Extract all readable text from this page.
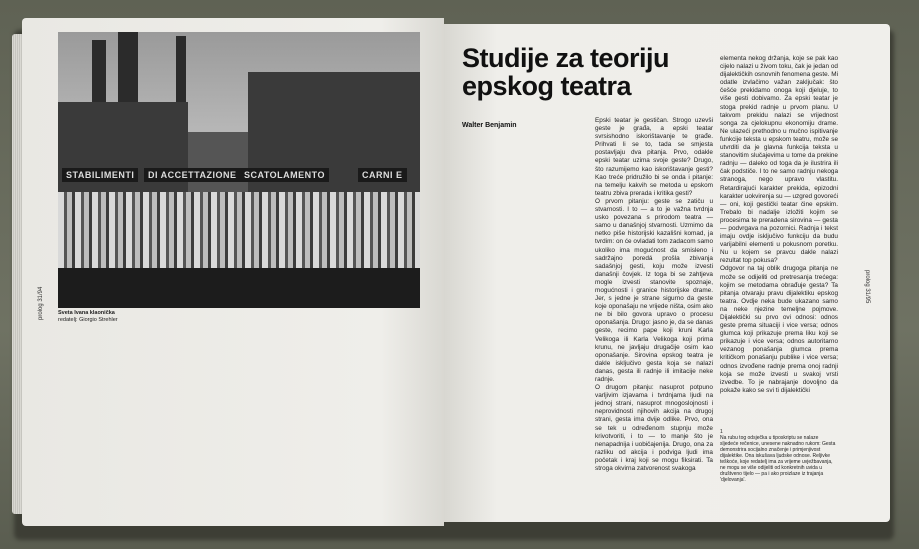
STABILIMENTI	DI ACCETTAZIONE SCATOLAMENTO	CARNI E
Sveta Ivana klaonička
redatelj: Giorgio Strehler
prolog 31/94
Studije za teoriju
epskog teatra
Walter Benjamin
Epski teatar je gestičan. Strogo uzevši geste je građa, a epski teatar svrsishodno iskorištavanje te građe. Prihvati li se to, tada se smjesta postavljaju dva pitanja. Prvo, odakle epski teatar uzima svoje geste? Drugo, što razumijemo kao iskorištavanje gesti? Kao treće pridružilo bi se onda i pitanje: na temelju kakvih se metoda u epskom teatru zbiva prerada i kritika gesti?
O prvom pitanju: geste se zatiču u stvarnosti. I to — a to je važna tvrdnja usko povezana s prirodom teatra — samo u današnjoj stvarnosti. Uzmimo da netko piše historijski kazališni komad, ja tvrdim: on će ovladati tom zadacom samo ukoliko ima mogućnost da smisleno i sadržajno poredá prošla zbivanja sadašnjoj gesti, koju može izvesti današnji čovjek. Iz toga bi se zahtjeva mogle izvesti stanovite spoznaje, mogućnosti i granice historijske drame. Jer, s jedne je strane sigurno da geste koje oponašaju ne vrijede ništa, osim ako ne bi bilo govora upravo o procesu oponašanja. Drugo: jasno je, da se danas geste, recimo pape koji kruni Karla Velikoga ili Karla Velikoga koji prima krunu, ne javljaju drugačije osim kao oponašanje. Sirovina epskog teatra je dakle isključivo gesta koja se nalazi danas, gesta ili radnje ili imitacije neke radnje.
O drugom pitanju: nasuprot potpuno varljivim izjavama i tvrdnjama ljudi na jednoj strani, nasuprot mnogoslojnosti i neprovidnosti njihovih akcija na drugoj strani, gesta ima dvije odlike. Prvo, ona se tek u određenom stupnju može krivotvoriti, i to — to manje što je nenapadnija i uobičajenija. Drugo, ona za razliku od akcija i podviga ljudi ima početak i kraj koji se mogu fiksirati. Ta stroga okvirna zatvorenost svakoga
elementa nekog držanja, koje se pak kao cijelo nalazi u živom toku, čak je jedan od dijalektičkih osnovnih fenomena geste. Mi odatle izvlačimo važan zaključak: što češće prekidamo onoga koji djeluje, to više gesti dobivamo. Za epski teatar je stoga prekid radnje u prvom planu. U takvom prekidu nalazi se vrijednost songa za cjelokupnu ekonomiju drame. Ne ulazeći prethodno u mučno ispitivanje funkcije teksta u epskom teatru, može se utvrditi da je glavna funkcija teksta u stanovitim slučajevima u tome da prekine radnju — daleko od toga da je ilustrira ili čak podstiče. I to ne samo radnju nekoga stranoga, nego upravo vlastitu. Retardirajući karakter prekida, epizodni karakter uokvirenja su — uzgred govoreći — oni, koji gestički teatar čine epskim. Trebalo bi nadalje izložiti kojim se procesima te preradena sirovina — gesta — podvrgava na pozornici. Radnja i tekst imaju ovdje isključivo funkciju da budu varijabilni elementi u pokusnom poretku. Nu u kojem se pravcu dakle nalazi rezultat top pokusa?
Odgovor na taj oblik drugoga pitanja ne može se odijeliti od pretresanja trećega: kojim se metodama obrađuje gesta? Ta pitanja otvaraju pravu dijalektiku epskog teatra. Ovdje neka bude ukazano samo na neke njezine temeljne pojmove. Dijalektički su prvo ovi odnosi: odnos geste prema situaciji i vice versa; odnos glumca koji prikazuje prema liku koji se prikazuje i vice versa; odnos autoritarno vezanog ponašanja glumca prema kritičkom ponašanju publike i vice versa; odnos izvođene radnje prema onoj radnji koja se može izvesti u svakoj vrsti izvedbe. To je nabrajanje dovoljno da pokaže kako se svi ti dijalektički
1
Na rubu tog odsječka u tiposkriptu se nalaze sljedeće rečenice, unesene naknadno rukom: Gesta demonstrira socijalno značenje i primjenjivost dijalektike. Ona iskušava ljudske odnose. Reljivke teškoće, koje redatelj ima za vrijeme uvježbavanja, ne mogu se više odijeliti od konkretnih uvida u društveno tijelo — pa i ako proizlaze iz trajanja 'djelovanja'.
prolog 31/95
